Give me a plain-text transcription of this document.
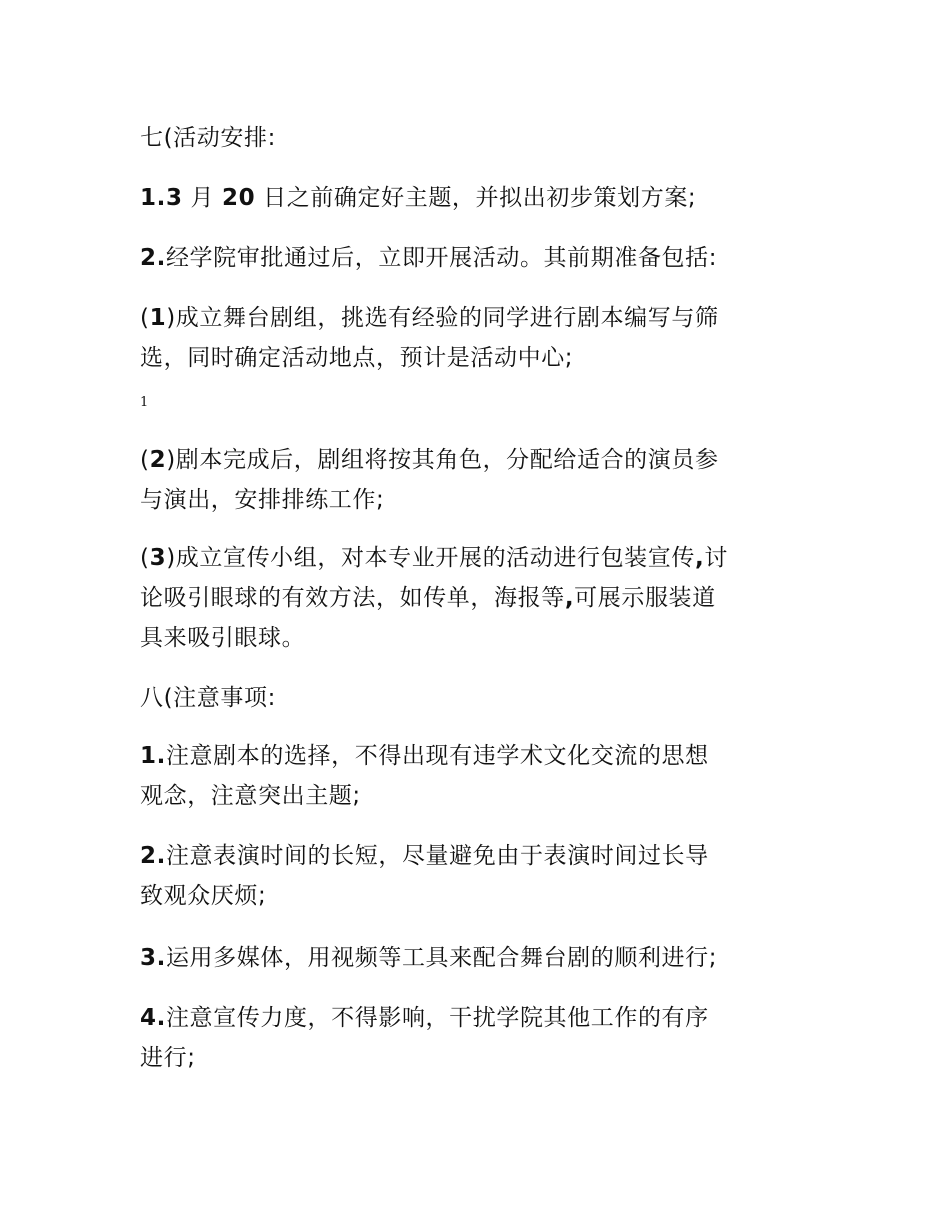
七(活动安排:

1.3 月 20 日之前确定好主题，并拟出初步策划方案;

2.经学院审批通过后，立即开展活动。其前期准备包括:

(1)成立舞台剧组，挑选有经验的同学进行剧本编写与筛
选，同时确定活动地点，预计是活动中心;

1

(2)剧本完成后，剧组将按其角色，分配给适合的演员参
与演出，安排排练工作;

(3)成立宣传小组，对本专业开展的活动进行包装宣传,讨
论吸引眼球的有效方法，如传单，海报等,可展示服装道
具来吸引眼球。

八(注意事项:

1.注意剧本的选择，不得出现有违学术文化交流的思想
观念，注意突出主题;

2.注意表演时间的长短，尽量避免由于表演时间过长导
致观众厌烦;

3.运用多媒体，用视频等工具来配合舞台剧的顺利进行;

4.注意宣传力度，不得影响，干扰学院其他工作的有序
进行;
